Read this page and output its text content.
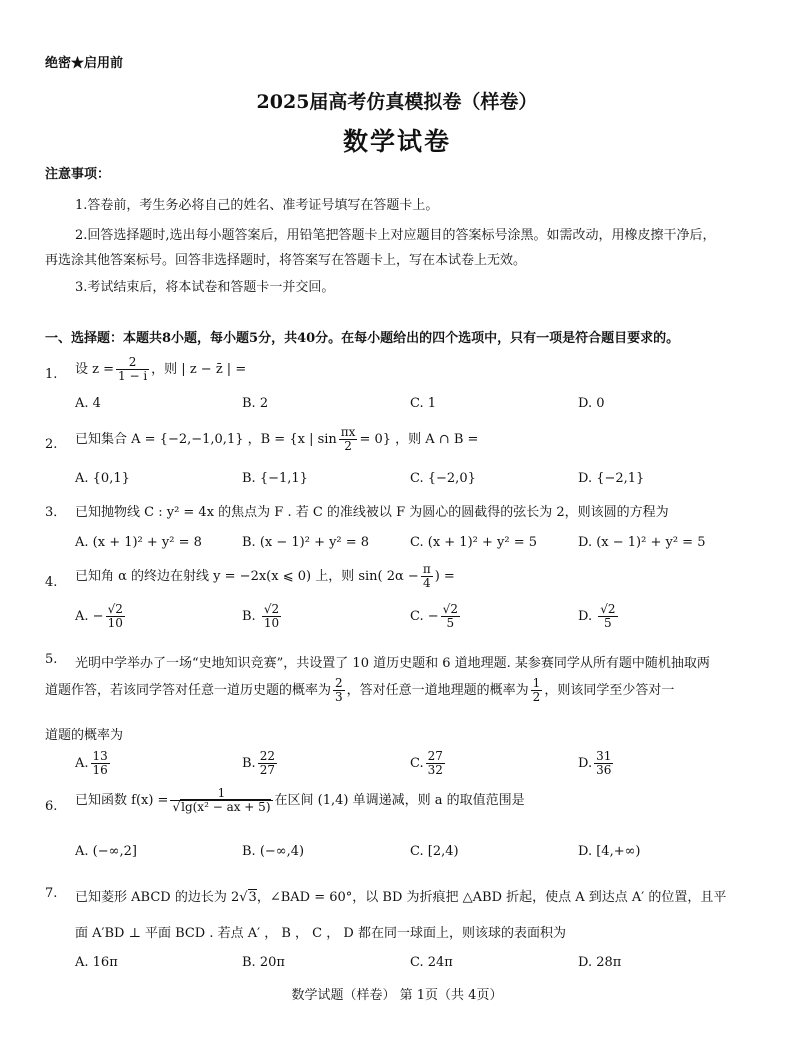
绝密★启用前
2025届高考仿真模拟卷（样卷）
数学试卷
注意事项：
1.答卷前，考生务必将自己的姓名、准考证号填写在答题卡上。
2.回答选择题时,选出每小题答案后，用铅笔把答题卡上对应题目的答案标号涂黑。如需改动，用橡皮擦干净后，
再选涂其他答案标号。回答非选择题时，将答案写在答题卡上，写在本试卷上无效。
3.考试结束后，将本试卷和答题卡一并交回。
一、选择题：本题共8小题，每小题5分，共40分。在每小题给出的四个选项中，只有一项是符合题目要求的。
1. 设 $z = \frac{2}{1 - i}$ ，则 | z − z̄ | =
A. 4	B. 2	C. 1	D. 0
2. 已知集合 A = {−2,−1,0,1} ，B = {x | $\sin \frac{\pi x}{2} = 0$} ，则 A ∩ B =
A. {0,1}	B. {−1,1}	C. {−2,0}	D. {−2,1}
3． 已知抛物线 C : y² = 4x 的焦点为 F . 若 C 的准线被以 F 为圆心的圆截得的弦长为 2，则该圆的方程为
A. (x + 1)² + y² = 8	B. (x − 1)² + y² = 8	C. (x + 1)² + y² = 5	D. (x − 1)² + y² = 5
4. 已知角 α 的终边在射线 y = −2x(x ⩽ 0) 上，则 sin( $2\alpha - \frac{\pi}{4}$ ) =
A. − $\frac{√2}{10}$	B. $\frac{√2}{10}$	C. − $\frac{√2}{5}$	D. $\frac{√2}{5}$
5. 光明中学举办了一场“史地知识竞赛”，共设置了 10 道历史题和 6 道地理题. 某参赛同学从所有题中随机抽取两
道题作答，若该同学答对任意一道历史题的概率为 $\frac{2}{3}$ ，答对任意一道地理题的概率为 $\frac{1}{2}$ ，则该同学至少答对一
道题的概率为
A. $\frac{13}{16}$	B. $\frac{22}{27}$	C. $\frac{27}{32}$	D. $\frac{31}{36}$
6. 已知函数 $f(x) = \frac{1}{\text{√lg(x² − ax + 5)}}$ 在区间 (1,4) 单调递减，则 a 的取值范围是
A. (−∞,2]	B. (−∞,4)	C. [2,4)	D. [4,+∞)
7. 已知菱形 ABCD 的边长为 2√3，∠BAD = 60°，以 BD 为折痕把 △ABD 折起，使点 A 到达点 A′ 的位置，且平
面 A′BD ⊥ 平面 BCD . 若点 A′ ， B ， C ， D 都在同一球面上，则该球的表面积为
A. 16π	B. 20π	C. 24π	D. 28π
数学试题（样卷） 第 1页（共 4页）
